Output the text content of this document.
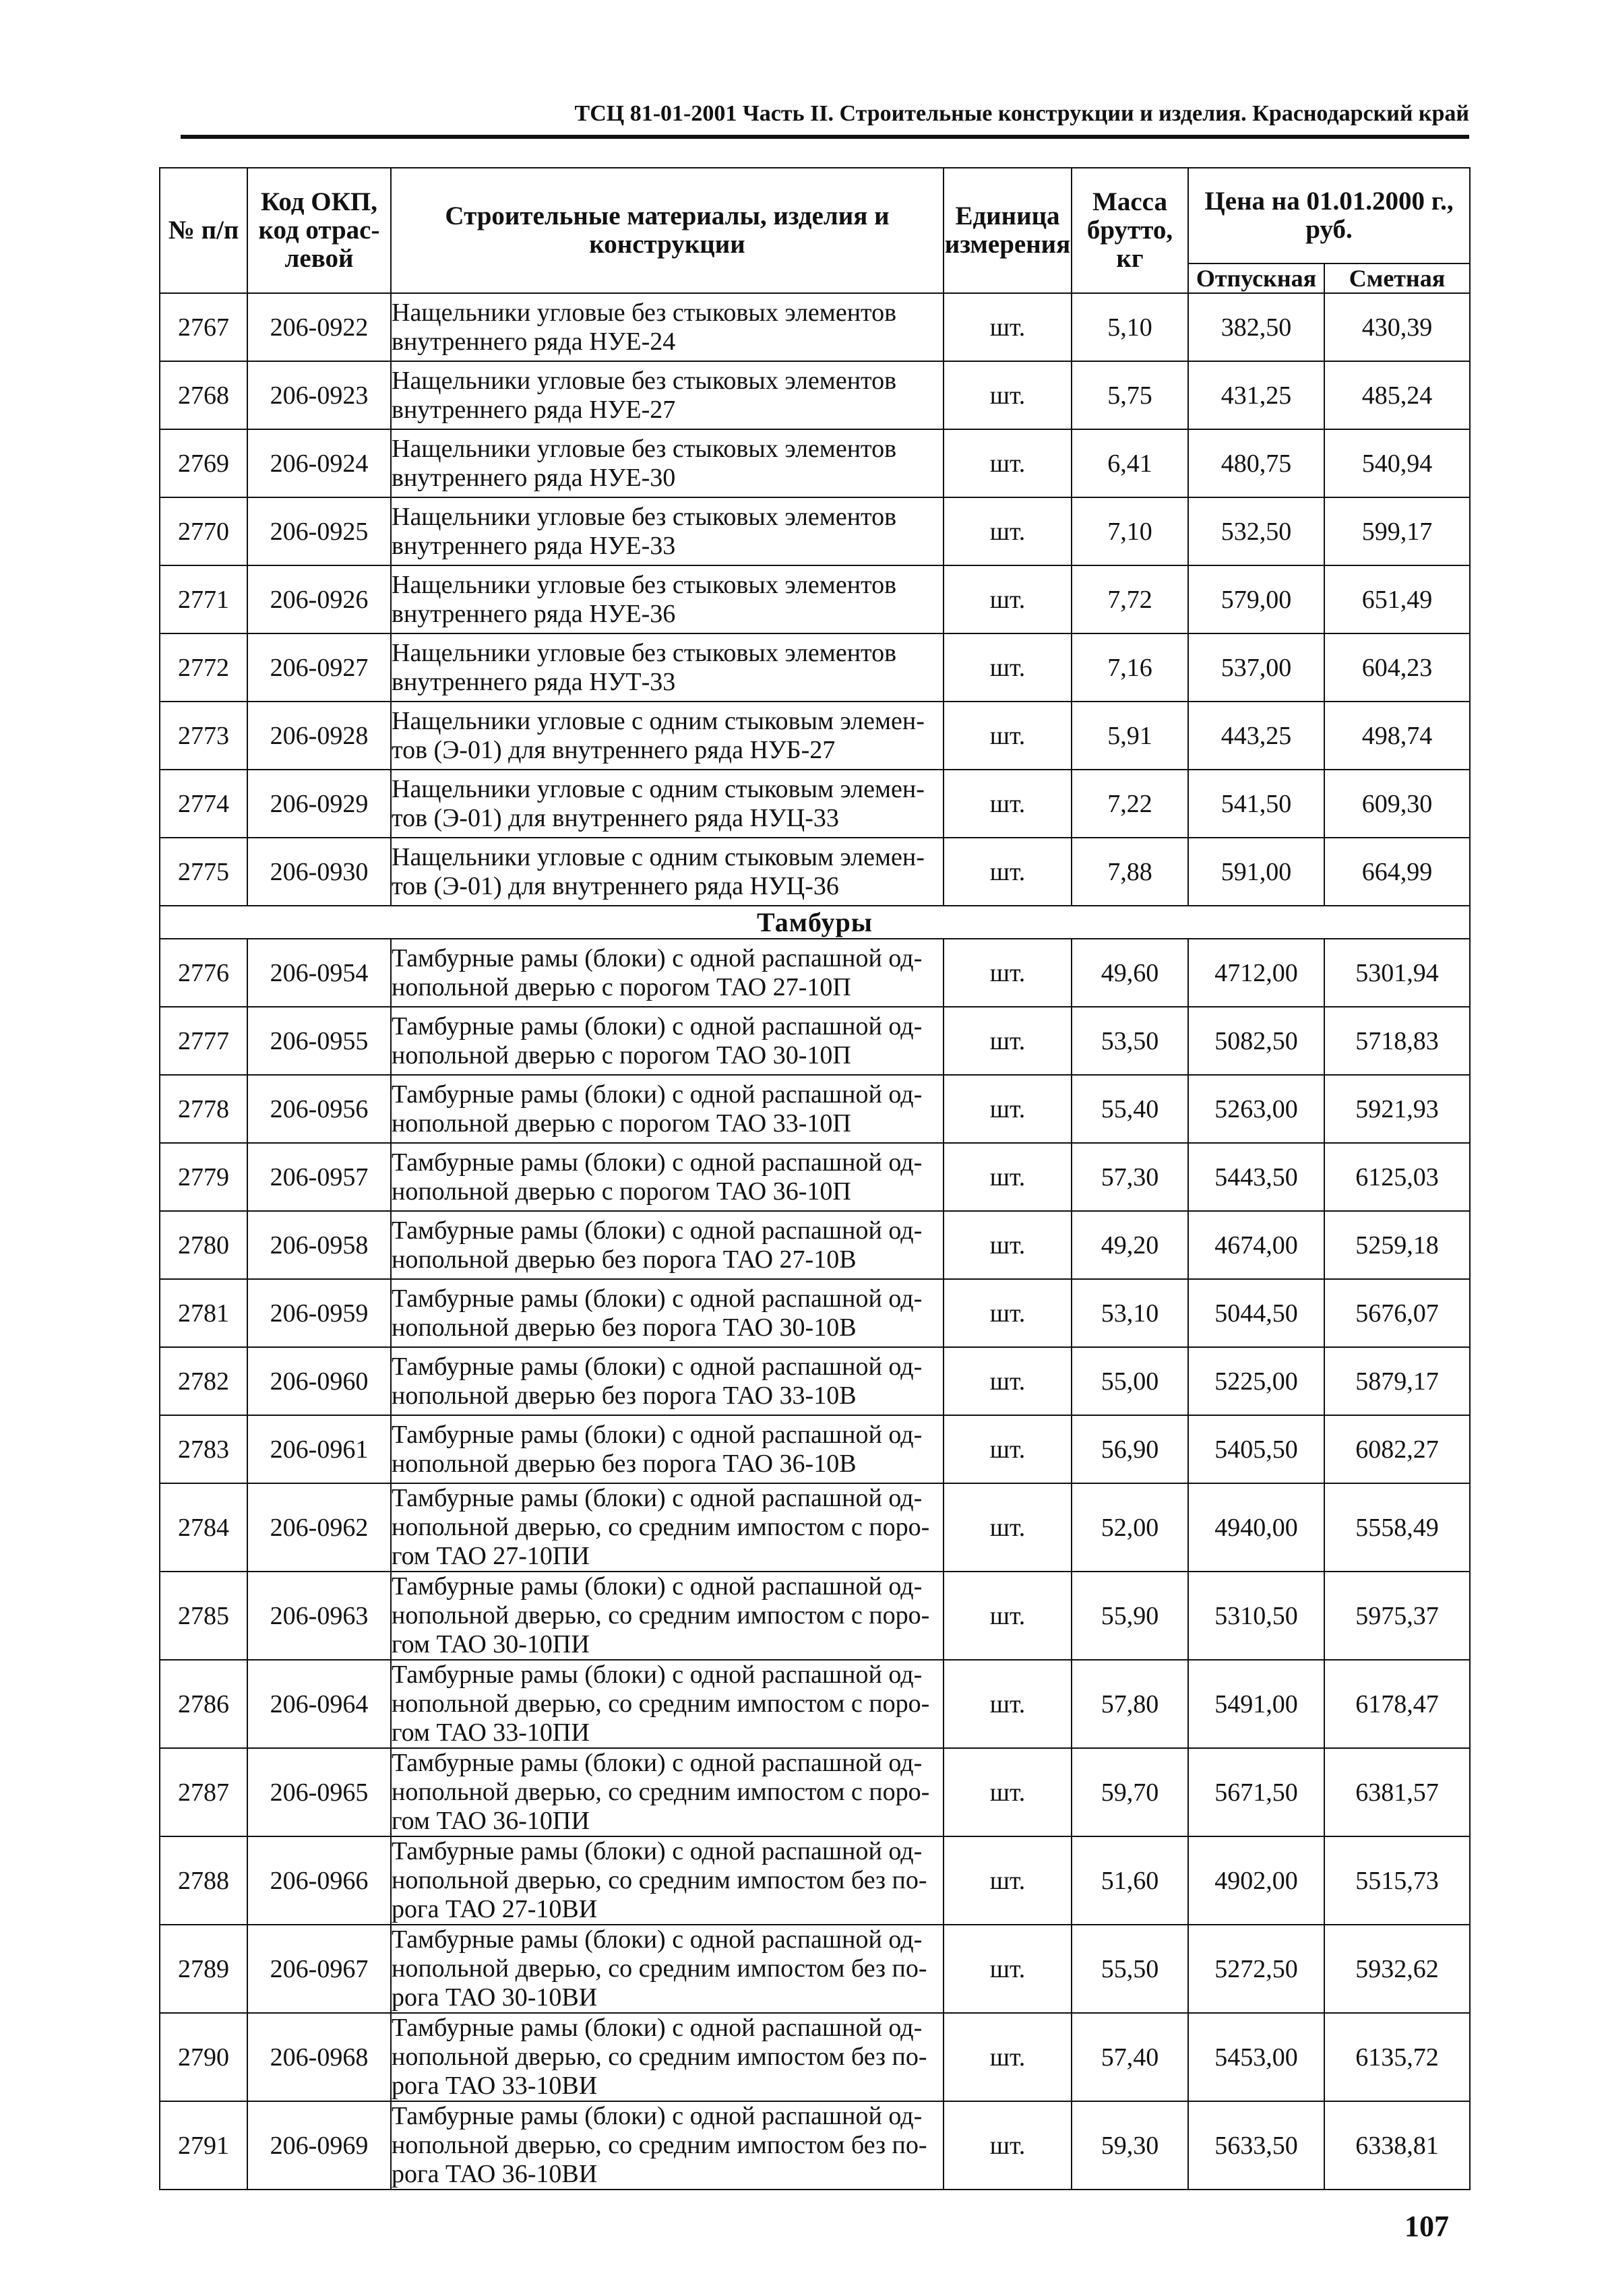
ТСЦ 81-01-2001 Часть II. Строительные конструкции и изделия. Краснодарский край
№ п/п	Код ОКП, код отрас- левой	Строительные материалы, изделия и конструкции	Единица измерения	Масса брутто, кг	Цена на 01.01.2000 г., руб.	
					Отпускная	Сметная
2767	206-0922	Нащельники угловые без стыковых элементов внутреннего ряда НУЕ-24	шт.	5,10	382,50	430,39
2768	206-0923	Нащельники угловые без стыковых элементов внутреннего ряда НУЕ-27	шт.	5,75	431,25	485,24
2769	206-0924	Нащельники угловые без стыковых элементов внутреннего ряда НУЕ-30	шт.	6,41	480,75	540,94
2770	206-0925	Нащельники угловые без стыковых элементов внутреннего ряда НУЕ-33	шт.	7,10	532,50	599,17
2771	206-0926	Нащельники угловые без стыковых элементов внутреннего ряда НУЕ-36	шт.	7,72	579,00	651,49
2772	206-0927	Нащельники угловые без стыковых элементов внутреннего ряда НУТ-33	шт.	7,16	537,00	604,23
2773	206-0928	Нащельники угловые с одним стыковым элемен- тов (Э-01) для внутреннего ряда НУБ-27	шт.	5,91	443,25	498,74
2774	206-0929	Нащельники угловые с одним стыковым элемен- тов (Э-01) для внутреннего ряда НУЦ-33	шт.	7,22	541,50	609,30
2775	206-0930	Нащельники угловые с одним стыковым элемен- тов (Э-01) для внутреннего ряда НУЦ-36	шт.	7,88	591,00	664,99
Тамбуры						
2776	206-0954	Тамбурные рамы (блоки) с одной распашной од- нопольной дверью с порогом ТАО 27-10П	шт.	49,60	4712,00	5301,94
2777	206-0955	Тамбурные рамы (блоки) с одной распашной од- нопольной дверью с порогом ТАО 30-10П	шт.	53,50	5082,50	5718,83
2778	206-0956	Тамбурные рамы (блоки) с одной распашной од- нопольной дверью с порогом ТАО 33-10П	шт.	55,40	5263,00	5921,93
2779	206-0957	Тамбурные рамы (блоки) с одной распашной од- нопольной дверью с порогом ТАО 36-10П	шт.	57,30	5443,50	6125,03
2780	206-0958	Тамбурные рамы (блоки) с одной распашной од- нопольной дверью без порога ТАО 27-10В	шт.	49,20	4674,00	5259,18
2781	206-0959	Тамбурные рамы (блоки) с одной распашной од- нопольной дверью без порога ТАО 30-10В	шт.	53,10	5044,50	5676,07
2782	206-0960	Тамбурные рамы (блоки) с одной распашной од- нопольной дверью без порога ТАО 33-10В	шт.	55,00	5225,00	5879,17
2783	206-0961	Тамбурные рамы (блоки) с одной распашной од- нопольной дверью без порога ТАО 36-10В	шт.	56,90	5405,50	6082,27
2784	206-0962	Тамбурные рамы (блоки) с одной распашной од- нопольной дверью, со средним импостом с поро- гом ТАО 27-10ПИ	шт.	52,00	4940,00	5558,49
2785	206-0963	Тамбурные рамы (блоки) с одной распашной од- нопольной дверью, со средним импостом с поро- гом ТАО 30-10ПИ	шт.	55,90	5310,50	5975,37
2786	206-0964	Тамбурные рамы (блоки) с одной распашной од- нопольной дверью, со средним импостом с поро- гом ТАО 33-10ПИ	шт.	57,80	5491,00	6178,47
2787	206-0965	Тамбурные рамы (блоки) с одной распашной од- нопольной дверью, со средним импостом с поро- гом ТАО 36-10ПИ	шт.	59,70	5671,50	6381,57
2788	206-0966	Тамбурные рамы (блоки) с одной распашной од- нопольной дверью, со средним импостом без по- рога ТАО 27-10ВИ	шт.	51,60	4902,00	5515,73
2789	206-0967	Тамбурные рамы (блоки) с одной распашной од- нопольной дверью, со средним импостом без по- рога ТАО 30-10ВИ	шт.	55,50	5272,50	5932,62
2790	206-0968	Тамбурные рамы (блоки) с одной распашной од- нопольной дверью, со средним импостом без по- рога ТАО 33-10ВИ	шт.	57,40	5453,00	6135,72
2791	206-0969	Тамбурные рамы (блоки) с одной распашной од- нопольной дверью, со средним импостом без по- рога ТАО 36-10ВИ	шт.	59,30	5633,50	6338,81
107
